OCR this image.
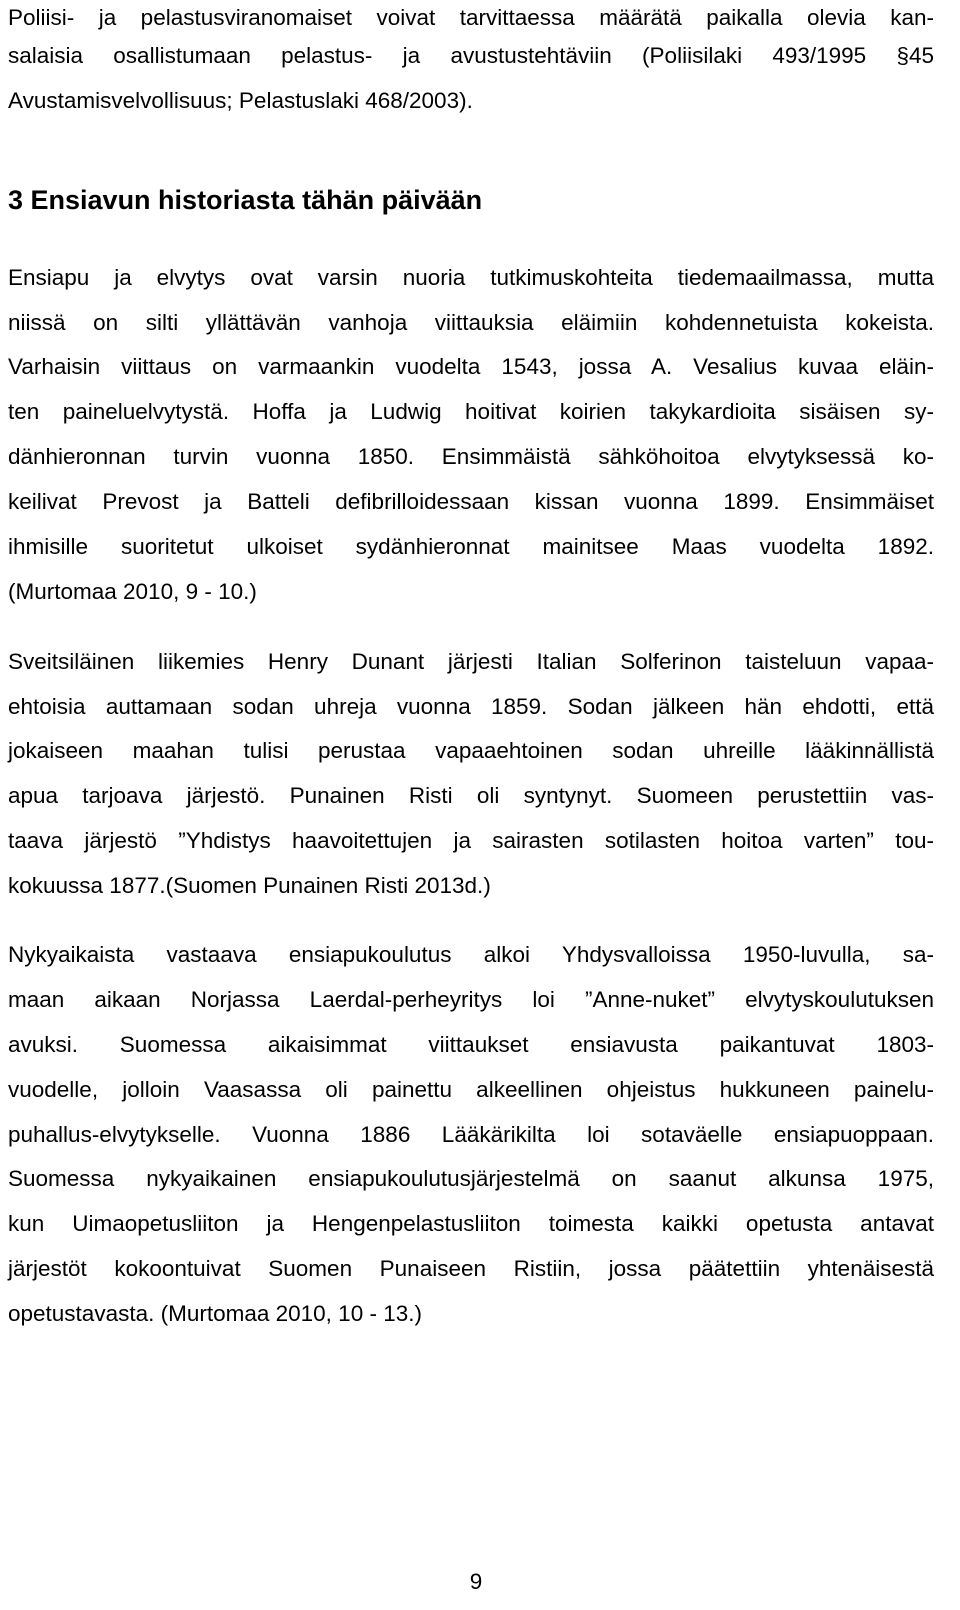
Poliisi- ja pelastusviranomaiset voivat tarvittaessa määrätä paikalla olevia kan-
salaisia osallistumaan pelastus- ja avustustehtäviin (Poliisilaki 493/1995 §45
Avustamisvelvollisuus; Pelastuslaki 468/2003).
3 Ensiavun historiasta tähän päivään
Ensiapu ja elvytys ovat varsin nuoria tutkimuskohteita tiedemaailmassa, mutta
niissä on silti yllättävän vanhoja viittauksia eläimiin kohdennetuista kokeista.
Varhaisin viittaus on varmaankin vuodelta 1543, jossa A. Vesalius kuvaa eläin-
ten paineluelvytystä. Hoffa ja Ludwig hoitivat koirien takykardioita sisäisen sy-
dänhieronnan turvin vuonna 1850. Ensimmäistä sähköhoitoa elvytyksessä ko-
keilivat Prevost ja Batteli defibrilloidessaan kissan vuonna 1899. Ensimmäiset
ihmisille suoritetut ulkoiset sydänhieronnat mainitsee Maas vuodelta 1892.
(Murtomaa 2010, 9 - 10.)
Sveitsiläinen liikemies Henry Dunant järjesti Italian Solferinon taisteluun vapaa-
ehtoisia auttamaan sodan uhreja vuonna 1859. Sodan jälkeen hän ehdotti, että
jokaiseen maahan tulisi perustaa vapaaehtoinen sodan uhreille lääkinnällistä
apua tarjoava järjestö. Punainen Risti oli syntynyt. Suomeen perustettiin vas-
taava järjestö ”Yhdistys haavoitettujen ja sairasten sotilasten hoitoa varten” tou-
kokuussa 1877.(Suomen Punainen Risti 2013d.)
Nykyaikaista vastaava ensiapukoulutus alkoi Yhdysvalloissa 1950-luvulla, sa-
maan aikaan Norjassa Laerdal-perheyritys loi ”Anne-nuket” elvytyskoulutuksen
avuksi. Suomessa aikaisimmat viittaukset ensiavusta paikantuvat 1803-
vuodelle, jolloin Vaasassa oli painettu alkeellinen ohjeistus hukkuneen painelu-
puhallus-elvytykselle. Vuonna 1886 Lääkärikilta loi sotaväelle ensiapuoppaan.
Suomessa nykyaikainen ensiapukoulutusjärjestelmä on saanut alkunsa 1975,
kun Uimaopetusliiton ja Hengenpelastusliiton toimesta kaikki opetusta antavat
järjestöt kokoontuivat Suomen Punaiseen Ristiin, jossa päätettiin yhtenäisestä
opetustavasta. (Murtomaa 2010, 10 - 13.)
9
